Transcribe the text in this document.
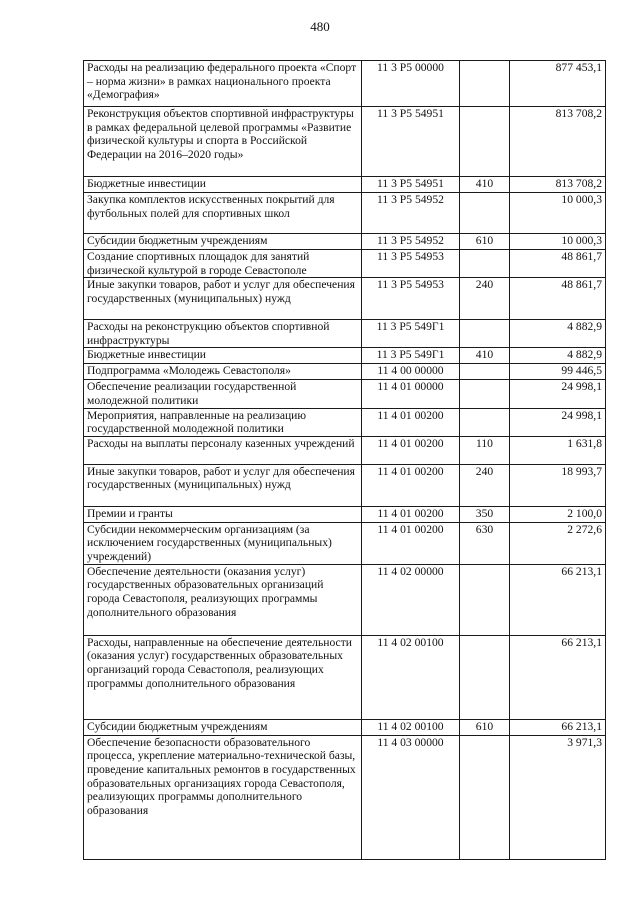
480
Расходы на реализацию федерального проекта «Спорт – норма жизни» в рамках национального проекта «Демография»	11 3 P5 00000		877 453,1
Реконструкция объектов спортивной инфраструктуры в рамках федеральной целевой программы «Развитие физической культуры и спорта в Российской Федерации на 2016–2020 годы»	11 3 P5 54951		813 708,2
Бюджетные инвестиции	11 3 P5 54951	410	813 708,2
Закупка комплектов искусственных покрытий для футбольных полей для спортивных школ	11 3 P5 54952		10 000,3
Субсидии бюджетным учреждениям	11 3 P5 54952	610	10 000,3
Создание спортивных площадок для занятий физической культурой в городе Севастополе	11 3 P5 54953		48 861,7
Иные закупки товаров, работ и услуг для обеспечения государственных (муниципальных) нужд	11 3 P5 54953	240	48 861,7
Расходы на реконструкцию объектов спортивной инфраструктуры	11 3 P5 549Г1		4 882,9
Бюджетные инвестиции	11 3 P5 549Г1	410	4 882,9
Подпрограмма «Молодежь Севастополя»	11 4 00 00000		99 446,5
Обеспечение реализации государственной молодежной политики	11 4 01 00000		24 998,1
Мероприятия, направленные на реализацию государственной молодежной политики	11 4 01 00200		24 998,1
Расходы на выплаты персоналу казенных учреждений	11 4 01 00200	110	1 631,8
Иные закупки товаров, работ и услуг для обеспечения государственных (муниципальных) нужд	11 4 01 00200	240	18 993,7
Премии и гранты	11 4 01 00200	350	2 100,0
Субсидии некоммерческим организациям (за исключением государственных (муниципальных) учреждений)	11 4 01 00200	630	2 272,6
Обеспечение деятельности (оказания услуг) государственных образовательных организаций города Севастополя, реализующих программы дополнительного образования	11 4 02 00000		66 213,1
Расходы, направленные на обеспечение деятельности (оказания услуг) государственных образовательных организаций города Севастополя, реализующих программы дополнительного образования	11 4 02 00100		66 213,1
Субсидии бюджетным учреждениям	11 4 02 00100	610	66 213,1
Обеспечение безопасности образовательного процесса, укрепление материально-технической базы, проведение капитальных ремонтов в государственных образовательных организациях города Севастополя, реализующих программы дополнительного образования	11 4 03 00000		3 971,3
